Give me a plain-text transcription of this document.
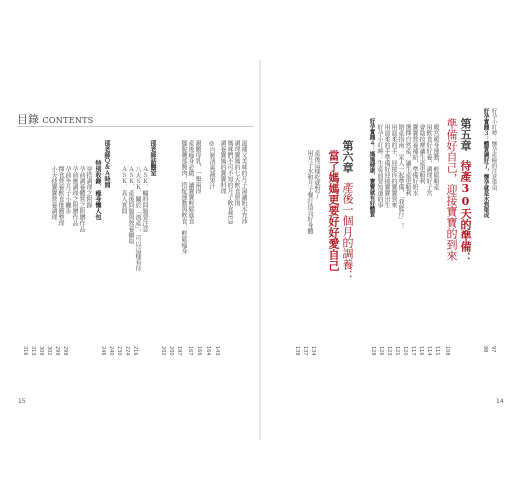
目錄 CONTENTS
邵老師話醫室
ＡＳＫ．輸料問題要注意
八大ＳＫ．關於「流產」，可以這樣看待
ＡＳＫ．產後問題與營養攝取
ＡＳＫ．真人實問
246 240 230 224 216
邵老師Ｑ＆Ａ時間
特別收錄．瘦身懶人包
穿搭調理之附錄
孕前調養體質之附贈作品
孕前應調理之附贈作品
孕前坐月子小撇步
擇食營養飲食推薦整理
小天使寶寶營養調理
316 313 309 302 299 298
滋補又美味的月子湯讓奶水充沛
調理寶媽的七大飲食原則
媽咪們不可不知的月子飲食禁忌
調養寶媽的寶寶料理
◎自製清爽蔬果汁
親餵母乳，一舉兩得
產後瘦身必做：讓寶寶輕鬆進食
擺脫腰部贅肉，搭配運動與飲食，輕鬆瘦身
202 200 197 167 166 164 143
15
好孕小叮嚀：懷孕產檢的注意事項
好孕實踐３：體質調好了，懷孕就是水到渠成
98 97
第五章
待產30天的準備：
準備好自己，迎接寶寶的到來
暖宮暖身運動，輕鬆順產
用飲食好好養，調理好子宮
會陰按摩讓生產更順利
寶寶營養補給，準備好奶水
選擇自然產，讓生產更順利
陪產指南：家人一起準備，「我能行」！
用溫柔的手，迎接你的寶寶到來
用溫柔的手準備好迎接寶寶出生
好孕小叮嚀：生產前要知道的事
好孕實踐４：媽媽健康，寶寶就有好體質
128 126 123 121 120 117 116 114 111 108
第六章
產後一個月的調養：
當了媽媽更要好好愛自己
產後這樣吃就對了
用月子水和月子餐打造良好身體
138 137 134
14
